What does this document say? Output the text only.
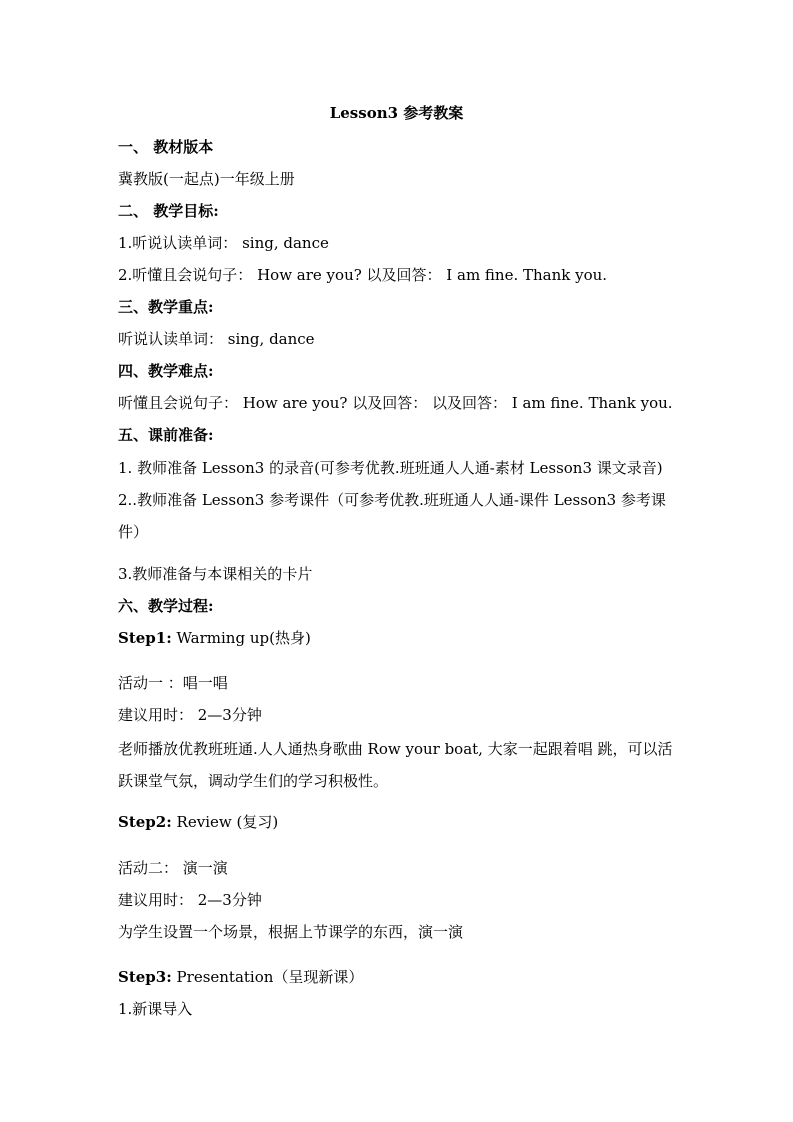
Lesson3 参考教案
一、 教材版本
冀教版(一起点)一年级上册
二、 教学目标:
1.听说认读单词： sing, dance
2.听懂且会说句子： How are you? 以及回答： I am fine. Thank you.
三、教学重点:
听说认读单词： sing, dance
四、教学难点:
听懂且会说句子： How are you? 以及回答： 以及回答： I am fine. Thank you.
五、课前准备:
1. 教师准备 Lesson3 的录音(可参考优教.班班通人人通-素材 Lesson3 课文录音)
2..教师准备 Lesson3 参考课件（可参考优教.班班通人人通-课件 Lesson3 参考课件）
3.教师准备与本课相关的卡片
六、教学过程:
Step1: Warming up(热身)
活动一 ：唱一唱
建议用时： 2—3分钟
老师播放优教班班通.人人通热身歌曲 Row your boat, 大家一起跟着唱 跳，可以活跃课堂气氛，调动学生们的学习积极性。
Step2: Review (复习)
活动二： 演一演
建议用时： 2—3分钟
为学生设置一个场景，根据上节课学的东西，演一演
Step3: Presentation（呈现新课）
1.新课导入
